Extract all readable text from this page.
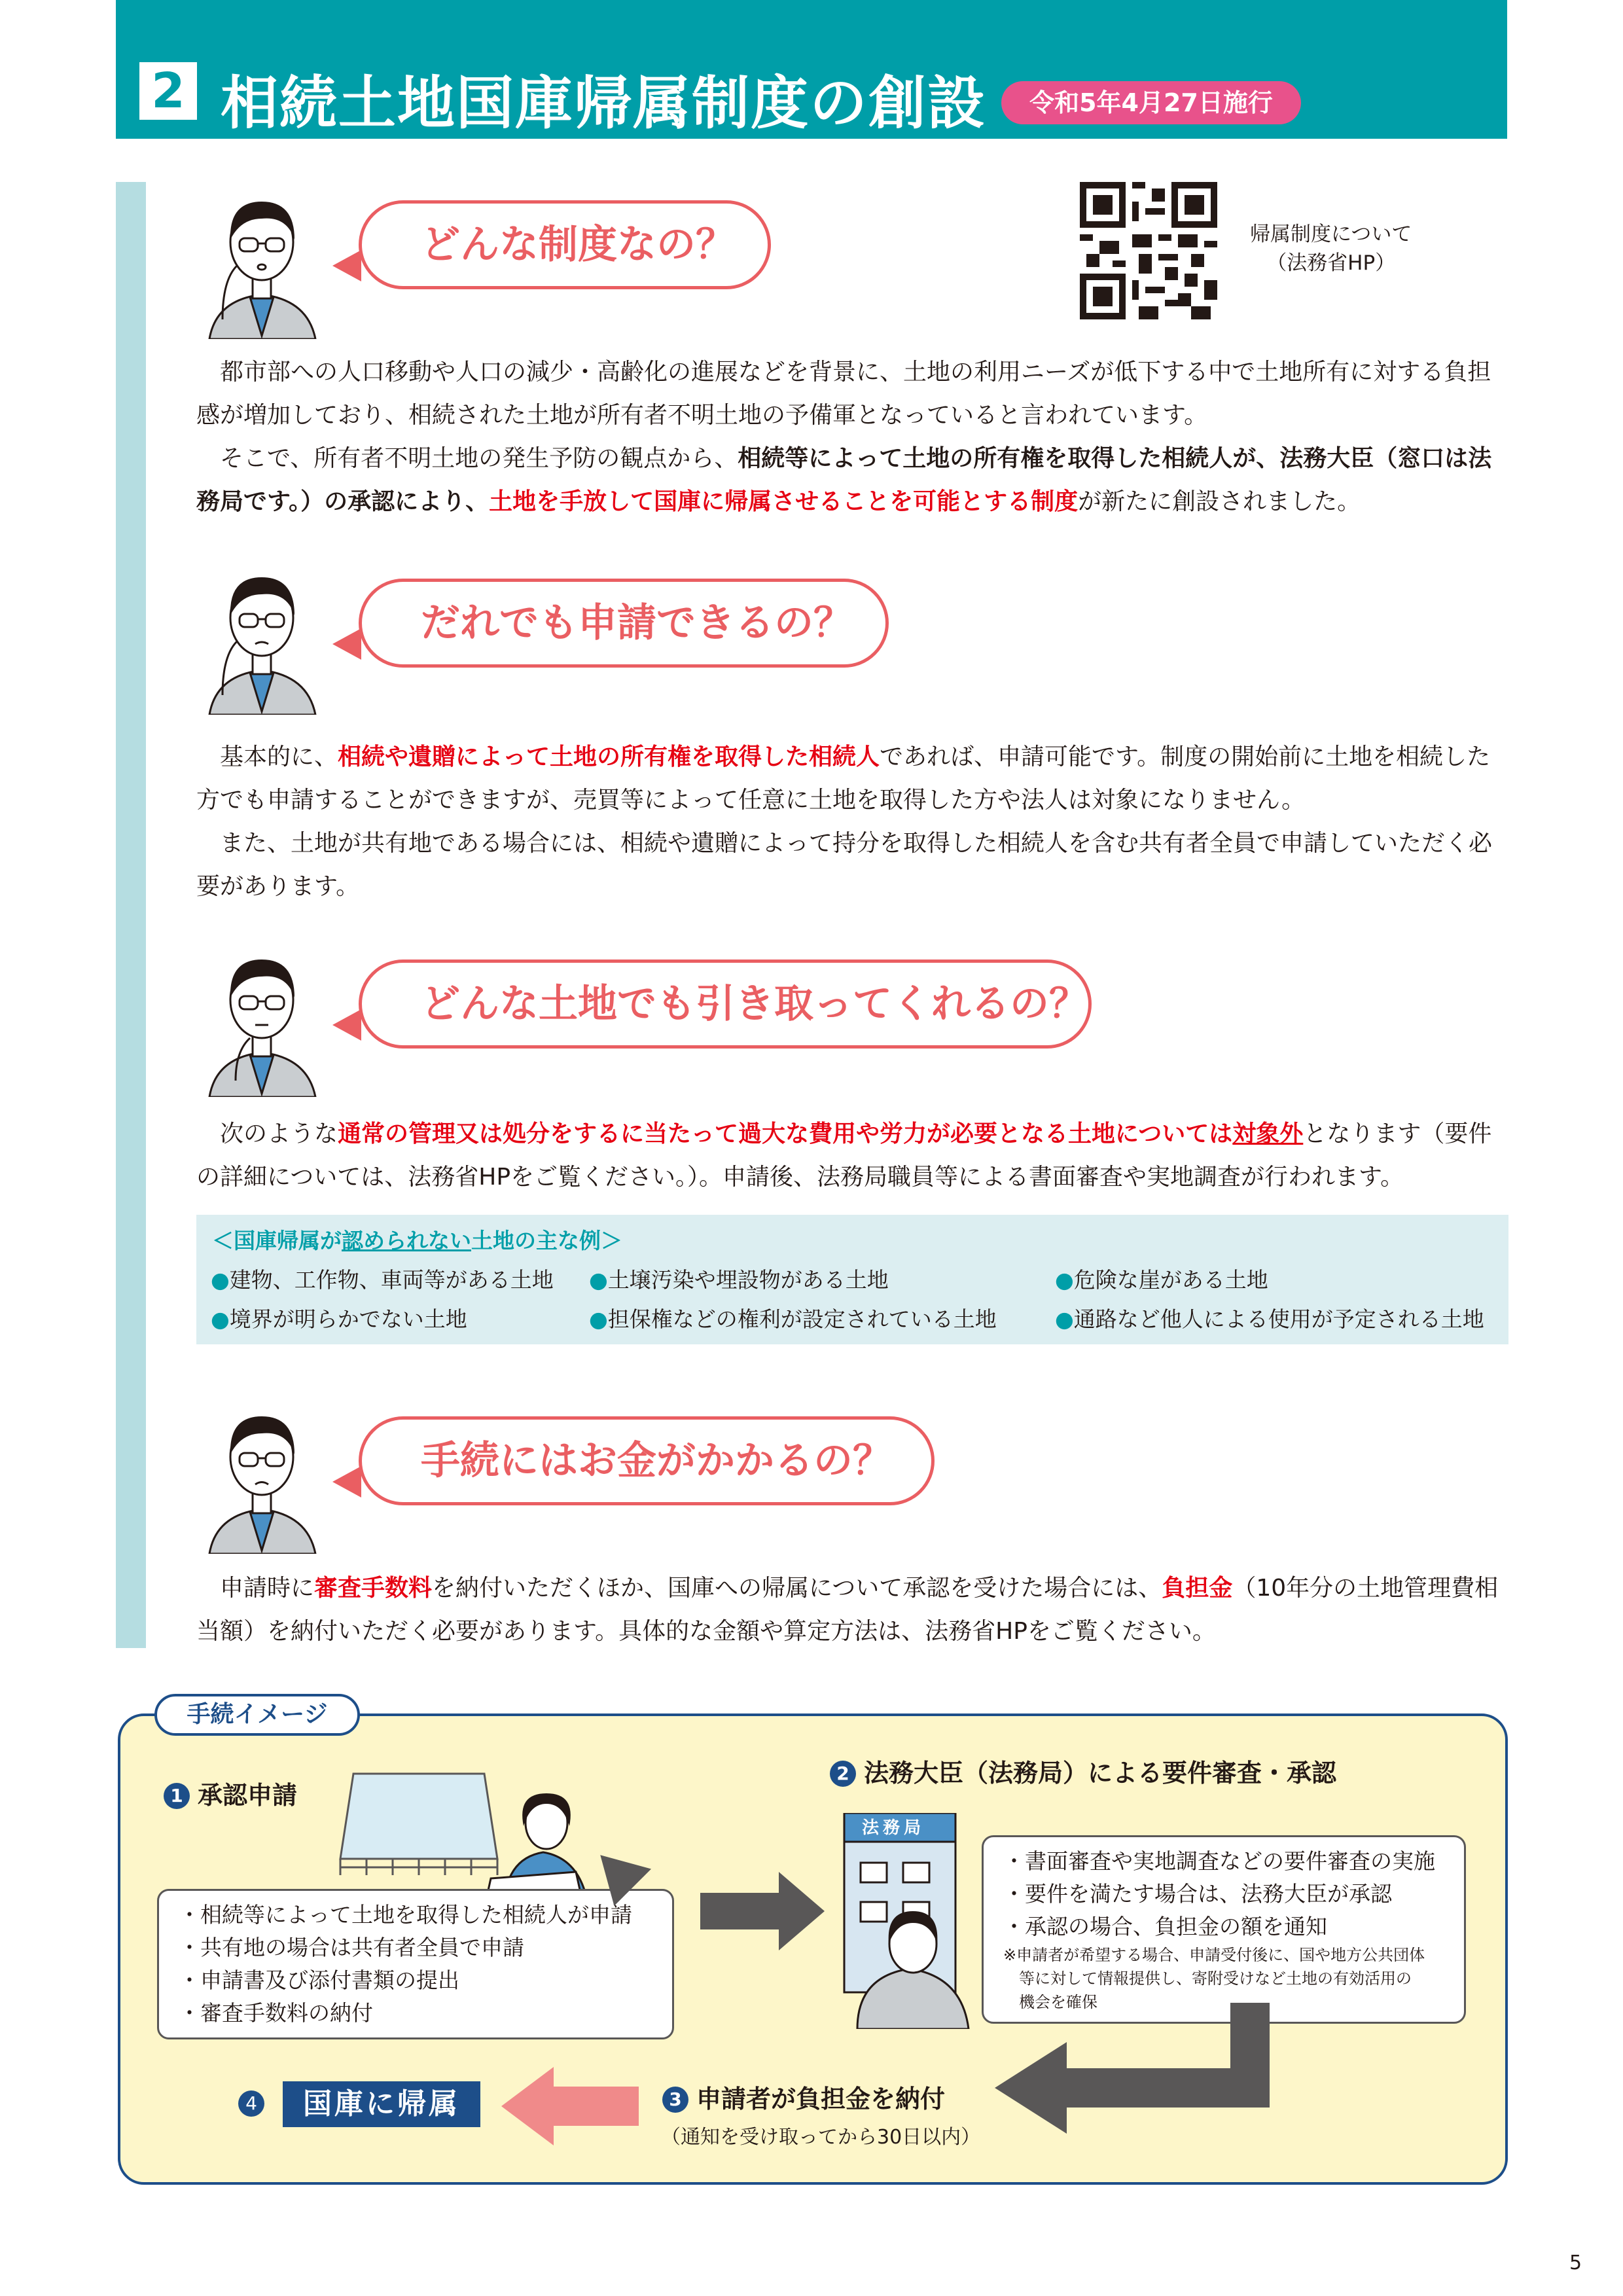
2 相続土地国庫帰属制度の創設	令和5年4月27日施行
帰属制度について
（法務省HP）
どんな制度なの？

都市部への人口移動や人口の減少・高齢化の進展などを背景に、土地の利用ニーズが低下する中で土地所有に対する負担感が増加しており、相続された土地が所有者不明土地の予備軍となっていると言われています。

そこで、所有者不明土地の発生予防の観点から、相続等によって土地の所有権を取得した相続人が、法務大臣（窓口は法務局です。）の承認により、土地を手放して国庫に帰属させることを可能とする制度が新たに創設されました。

だれでも申請できるの？

基本的に、相続や遺贈によって土地の所有権を取得した相続人であれば、申請可能です。制度の開始前に土地を相続した方でも申請することができますが、売買等によって任意に土地を取得した方や法人は対象になりません。

また、土地が共有地である場合には、相続や遺贈によって持分を取得した相続人を含む共有者全員で申請していただく必要があります。

どんな土地でも引き取ってくれるの？

次のような通常の管理又は処分をするに当たって過大な費用や労力が必要となる土地については対象外となります（要件の詳細については、法務省HPをご覧ください。）。申請後、法務局職員等による書面審査や実地調査が行われます。

＜国庫帰属が認められない土地の主な例＞
●建物、工作物、車両等がある土地 ●土壌汚染や埋設物がある土地	●危険な崖がある土地
●境界が明らかでない土地	●担保権などの権利が設定されている土地	●通路など他人による使用が予定される土地
手続にはお金がかかるの？

申請時に審査手数料を納付いただくほか、国庫への帰属について承認を受けた場合には、負担金（10年分の土地管理費相当額）を納付いただく必要があります。具体的な金額や算定方法は、法務省HPをご覧ください。

手続イメージ
1 承認申請
・相続等によって土地を取得した相続人が申請
・共有地の場合は共有者全員で申請
・申請書及び添付書類の提出
・審査手数料の納付
2 法務大臣（法務局）による要件審査・承認
法務局
・書面審査や実地調査などの要件審査の実施
・要件を満たす場合は、法務大臣が承認
・承認の場合、負担金の額を通知
※申請者が希望する場合、申請受付後に、国や地方公共団体
等に対して情報提供し、寄附受けなど土地の有効活用の
機会を確保
3 申請者が負担金を納付
（通知を受け取ってから30日以内）
4	国庫に帰属
5
